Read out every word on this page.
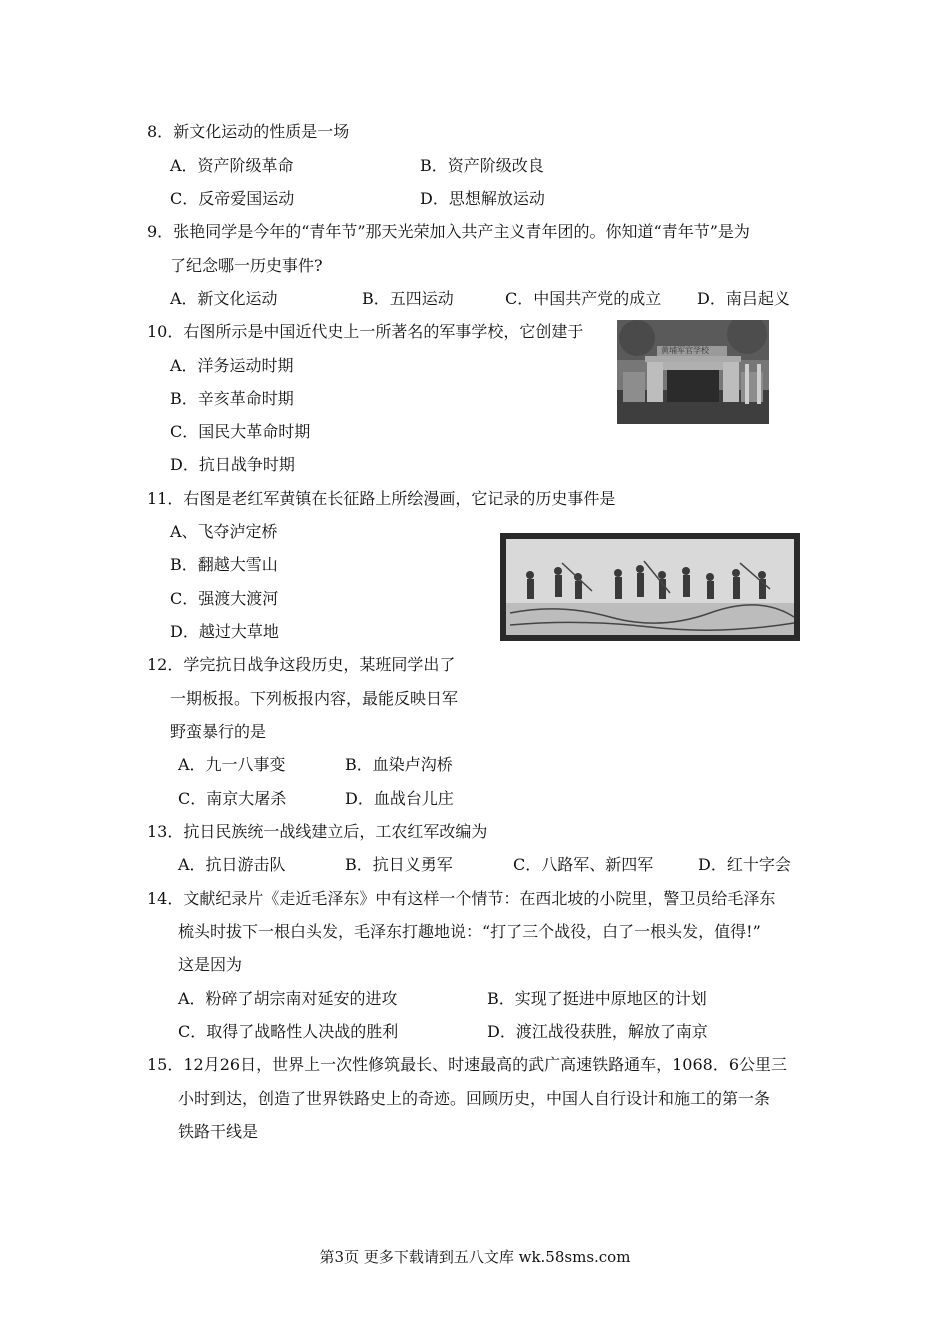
8．新文化运动的性质是一场
A．资产阶级革命	B．资产阶级改良
C．反帝爱国运动	D．思想解放运动
9．张艳同学是今年的“青年节”那天光荣加入共产主义青年团的。你知道“青年节”是为
了纪念哪一历史事件?
A．新文化运动	B．五四运动	C．中国共产党的成立 D．南吕起义
10．右图所示是中国近代史上一所著名的军事学校，它创建于
A．洋务运动时期
B．辛亥革命时期
C．国民大革命时期
D．抗日战争时期
黄埔军官学校
11．右图是老红军黄镇在长征路上所绘漫画，它记录的历史事件是
A、飞夺泸定桥
B．翻越大雪山
C．强渡大渡河
D．越过大草地
12．学完抗日战争这段历史，某班同学出了
一期板报。下列板报内容，最能反映日军
野蛮暴行的是
A．九一八事变	B．血染卢沟桥
C．南京大屠杀	D．血战台儿庄
13．抗日民族统一战线建立后，工农红军改编为
A．抗日游击队	B．抗日义勇军	C．八路军、新四军	D．红十字会
14．文献纪录片《走近毛泽东》中有这样一个情节：在西北坡的小院里，警卫员给毛泽东
梳头时拔下一根白头发，毛泽东打趣地说：“打了三个战役，白了一根头发，值得!”
这是因为
A．粉碎了胡宗南对延安的进攻	B．实现了挺进中原地区的计划
C．取得了战略性人决战的胜利	D．渡江战役获胜，解放了南京
15．12月26日，世界上一次性修筑最长、时速最高的武广高速铁路通车，1068．6公里三
小时到达，创造了世界铁路史上的奇迹。回顾历史，中国人自行设计和施工的第一条
铁路干线是
第3页 更多下载请到五八文库 wk.58sms.com
